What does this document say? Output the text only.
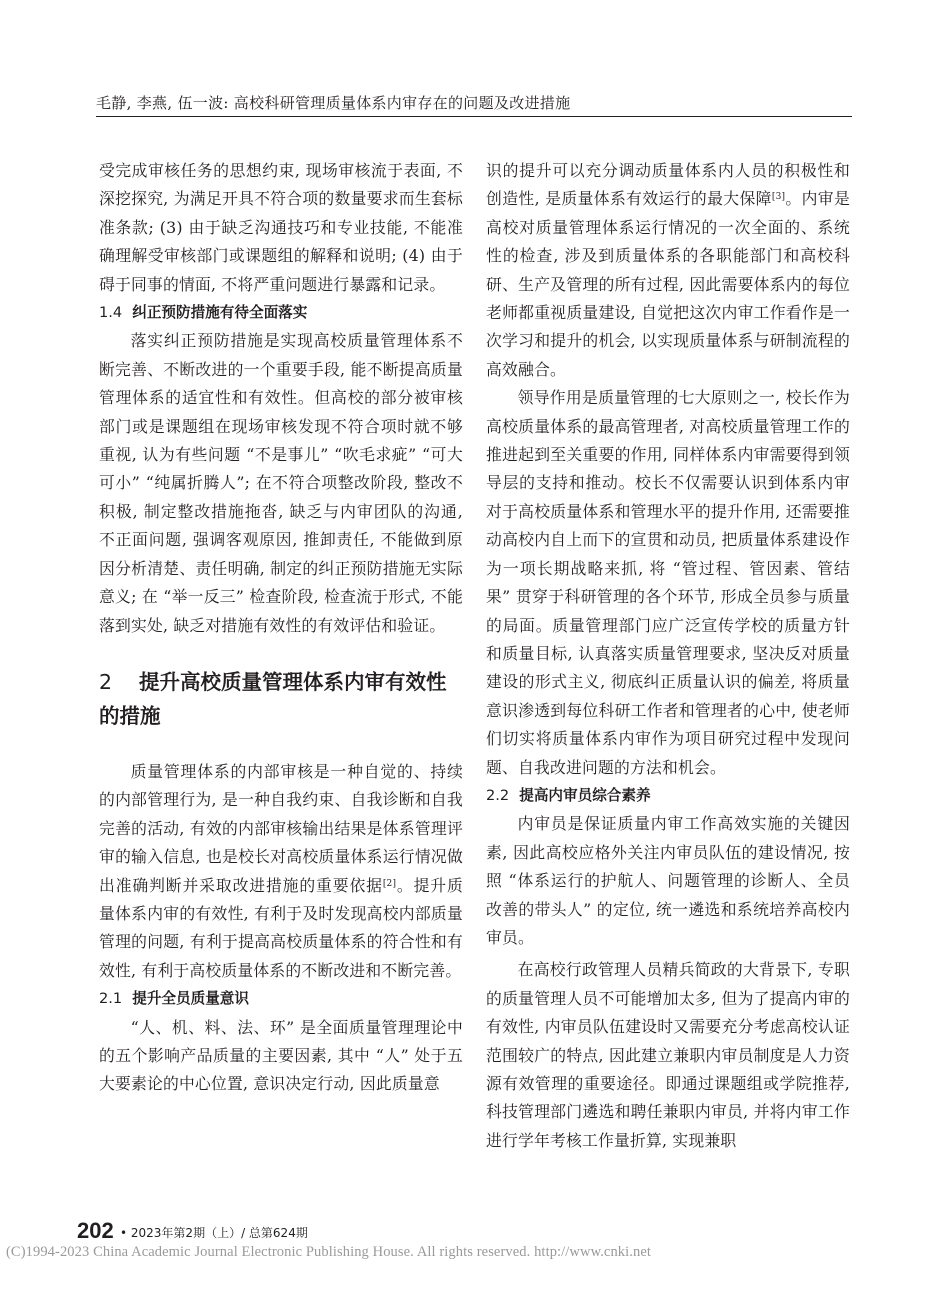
毛静, 李燕, 伍一波: 高校科研管理质量体系内审存在的问题及改进措施

受完成审核任务的思想约束, 现场审核流于表面, 不深挖探究, 为满足开具不符合项的数量要求而生套标准条款; (3) 由于缺乏沟通技巧和专业技能, 不能准确理解受审核部门或课题组的解释和说明; (4) 由于碍于同事的情面, 不将严重问题进行暴露和记录。

1.4 纠正预防措施有待全面落实

落实纠正预防措施是实现高校质量管理体系不断完善、不断改进的一个重要手段, 能不断提高质量管理体系的适宜性和有效性。但高校的部分被审核部门或是课题组在现场审核发现不符合项时就不够重视, 认为有些问题 “不是事儿” “吹毛求疵” “可大可小” “纯属折腾人”; 在不符合项整改阶段, 整改不积极, 制定整改措施拖沓, 缺乏与内审团队的沟通, 不正面问题, 强调客观原因, 推卸责任, 不能做到原因分析清楚、责任明确, 制定的纠正预防措施无实际意义; 在 “举一反三” 检查阶段, 检查流于形式, 不能落到实处, 缺乏对措施有效性的有效评估和验证。

2 提升高校质量管理体系内审有效性的措施

质量管理体系的内部审核是一种自觉的、持续的内部管理行为, 是一种自我约束、自我诊断和自我完善的活动, 有效的内部审核输出结果是体系管理评审的输入信息, 也是校长对高校质量体系运行情况做出准确判断并采取改进措施的重要依据[2]。提升质量体系内审的有效性, 有利于及时发现高校内部质量管理的问题, 有利于提高高校质量体系的符合性和有效性, 有利于高校质量体系的不断改进和不断完善。

2.1 提升全员质量意识

“人、机、料、法、环” 是全面质量管理理论中的五个影响产品质量的主要因素, 其中 “人” 处于五大要素论的中心位置, 意识决定行动, 因此质量意

识的提升可以充分调动质量体系内人员的积极性和创造性, 是质量体系有效运行的最大保障[3]。内审是高校对质量管理体系运行情况的一次全面的、系统性的检查, 涉及到质量体系的各职能部门和高校科研、生产及管理的所有过程, 因此需要体系内的每位老师都重视质量建设, 自觉把这次内审工作看作是一次学习和提升的机会, 以实现质量体系与研制流程的高效融合。

领导作用是质量管理的七大原则之一, 校长作为高校质量体系的最高管理者, 对高校质量管理工作的推进起到至关重要的作用, 同样体系内审需要得到领导层的支持和推动。校长不仅需要认识到体系内审对于高校质量体系和管理水平的提升作用, 还需要推动高校内自上而下的宣贯和动员, 把质量体系建设作为一项长期战略来抓, 将 “管过程、管因素、管结果” 贯穿于科研管理的各个环节, 形成全员参与质量的局面。质量管理部门应广泛宣传学校的质量方针和质量目标, 认真落实质量管理要求, 坚决反对质量建设的形式主义, 彻底纠正质量认识的偏差, 将质量意识渗透到每位科研工作者和管理者的心中, 使老师们切实将质量体系内审作为项目研究过程中发现问题、自我改进问题的方法和机会。

2.2 提高内审员综合素养

内审员是保证质量内审工作高效实施的关键因素, 因此高校应格外关注内审员队伍的建设情况, 按照 “体系运行的护航人、问题管理的诊断人、全员改善的带头人” 的定位, 统一遴选和系统培养高校内审员。

在高校行政管理人员精兵简政的大背景下, 专职的质量管理人员不可能增加太多, 但为了提高内审的有效性, 内审员队伍建设时又需要充分考虑高校认证范围较广的特点, 因此建立兼职内审员制度是人力资源有效管理的重要途径。即通过课题组或学院推荐, 科技管理部门遴选和聘任兼职内审员, 并将内审工作进行学年考核工作量折算, 实现兼职

202 • 2023年第2期（上）/ 总第624期
(C)1994-2023 China Academic Journal Electronic Publishing House. All rights reserved. http://www.cnki.net
